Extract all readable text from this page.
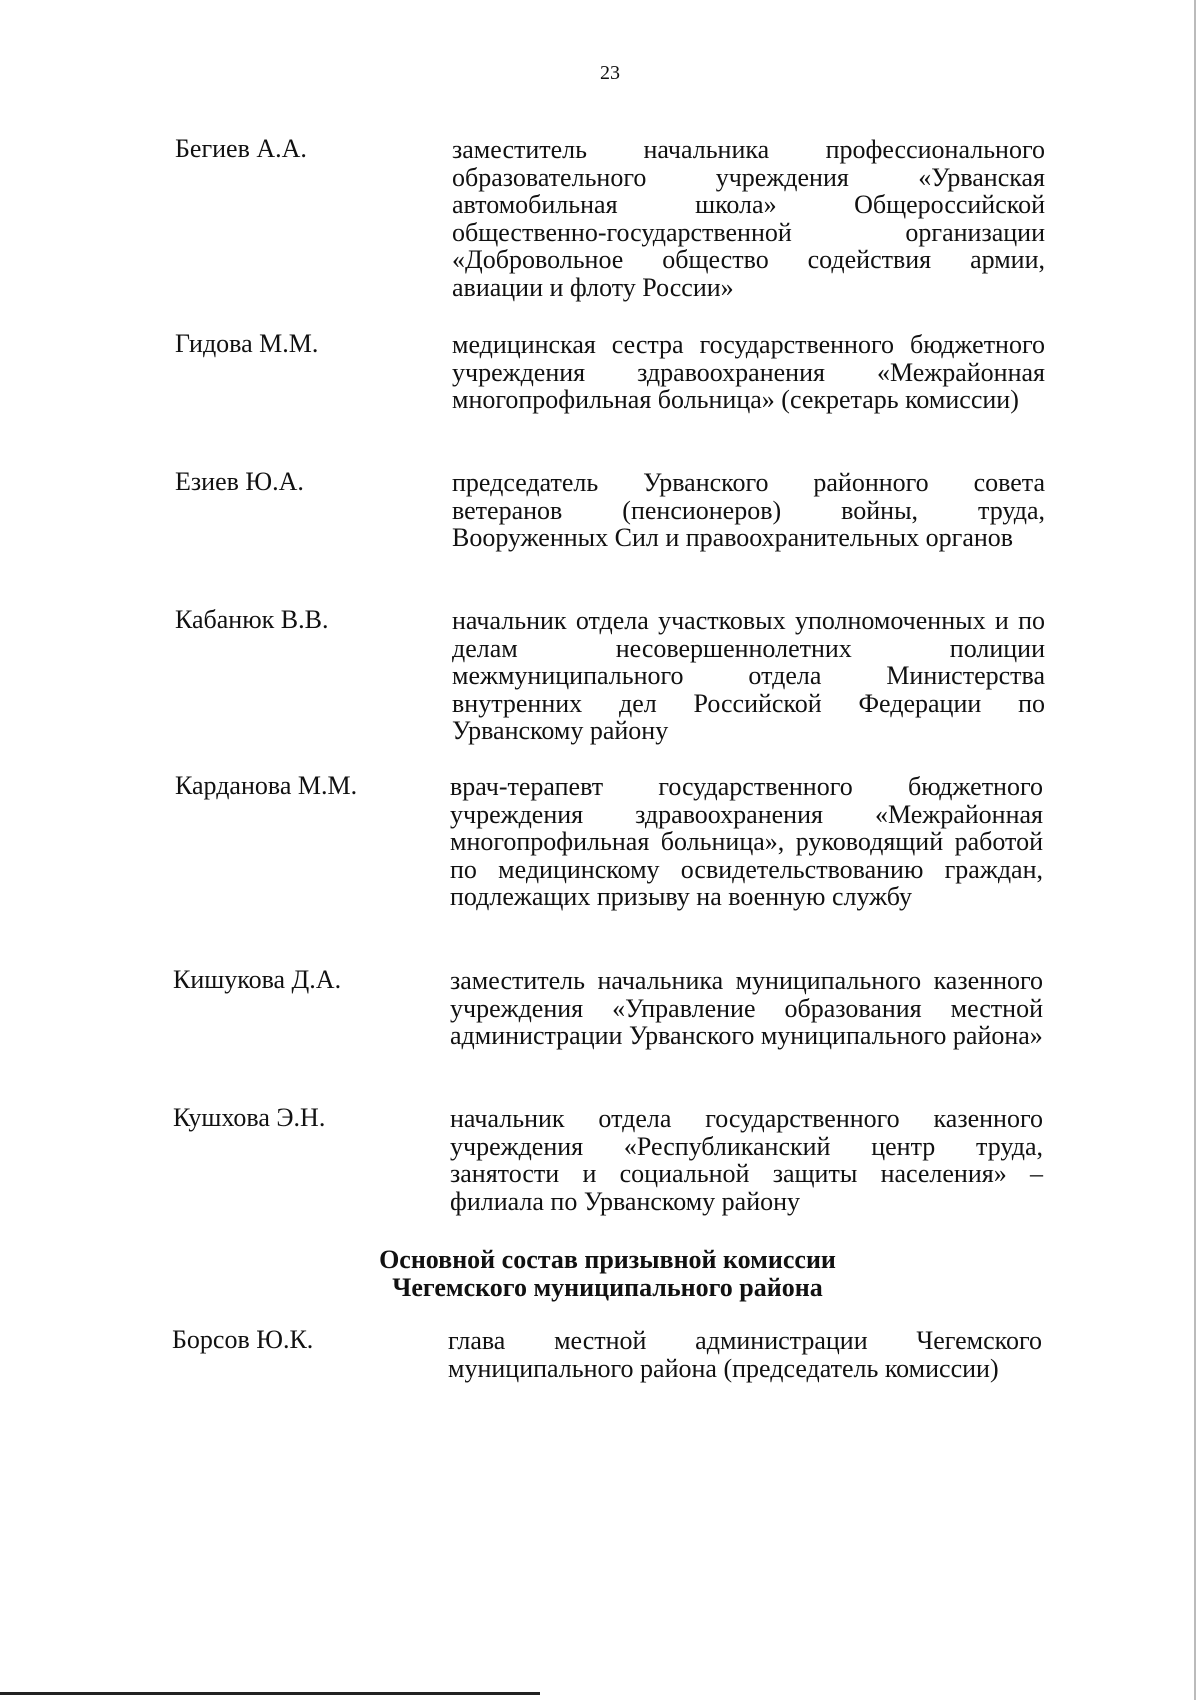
23
Бегиев А.А.	заместитель начальника профессионального образовательного учреждения «Урванская автомобильная школа» Общероссийской общественно-государственной организации «Добровольное общество содействия армии, авиации и флоту России»
Гидова М.М.	медицинская сестра государственного бюджетного учреждения здравоохранения «Межрайонная многопрофильная больница» (секретарь комиссии)
Езиев Ю.А.	председатель Урванского районного совета ветеранов (пенсионеров) войны, труда, Вооруженных Сил и правоохранительных органов
Кабанюк В.В.	начальник отдела участковых уполномоченных и по делам несовершеннолетних полиции межмуниципального отдела Министерства внутренних дел Российской Федерации по Урванскому району
Карданова М.М.	врач-терапевт государственного бюджетного учреждения здравоохранения «Межрайонная многопрофильная больница», руководящий работой по медицинскому освидетельствованию граждан, подлежащих призыву на военную службу
Кишукова Д.А.	заместитель начальника муниципального казенного учреждения «Управление образования местной администрации Урванского муниципального района»
Кушхова Э.Н.	начальник отдела государственного казенного учреждения «Республиканский центр труда, занятости и социальной защиты населения» – филиала по Урванскому району
Основной состав призывной комиссии
Чегемского муниципального района
Борсов Ю.К.	глава местной администрации Чегемского муниципального района (председатель комиссии)
